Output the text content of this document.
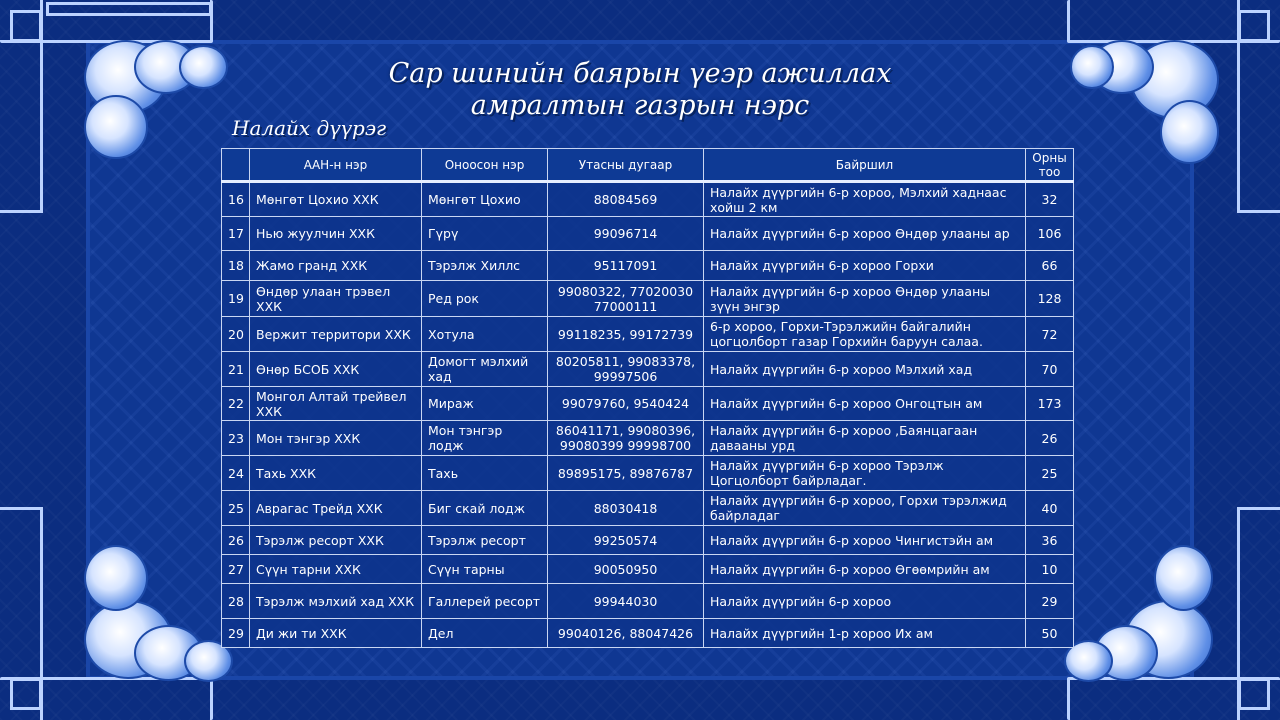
Сар шинийн баярын үеэр ажиллах
амралтын газрын нэрс
Налайх дүүрэг
	ААН-н нэр	Оноосон нэр	Утасны дугаар	Байршил	Орны тоо
16	Мөнгөт Цохио ХХК	Мөнгөт Цохио	88084569	Налайх дүүргийн 6-р хороо, Мэлхий хаднаас хойш 2 км	32
17	Нью жуулчин ХХК	Гүрү	99096714	Налайх дүүргийн 6-р хороо Өндөр улааны ар	106
18	Жамо гранд ХХК	Тэрэлж Хиллс	95117091	Налайх дүүргийн 6-р хороо Горхи	66
19	Өндөр улаан трэвел ХХК	Ред рок	99080322, 77020030 77000111	Налайх дүүргийн 6-р хороо Өндөр улааны зүүн энгэр	128
20	Вержит территори ХХК	Хотула	99118235, 99172739	6-р хороо, Горхи-Тэрэлжийн байгалийн цогцолборт газар Горхийн баруун салаа.	72
21	Өнөр БСОБ ХХК	Домогт мэлхий хад	80205811, 99083378, 99997506	Налайх дүүргийн 6-р хороо Мэлхий хад	70
22	Монгол Алтай трейвел ХХК	Мираж	99079760, 9540424	Налайх дүүргийн 6-р хороо Онгоцтын ам	173
23	Мон тэнгэр ХХК	Мон тэнгэр лодж	86041171, 99080396, 99080399 99998700	Налайх дүүргийн 6-р хороо ,Баянцагаан давааны урд	26
24	Тахь ХХК	Тахь	89895175, 89876787	Налайх дүүргийн 6-р хороо Тэрэлж Цогцолборт байрладаг.	25
25	Аврагас Трейд ХХК	Биг скай лодж	88030418	Налайх дүүргийн 6-р хороо, Горхи тэрэлжид байрладаг	40
26	Тэрэлж ресорт ХХК	Тэрэлж ресорт	99250574	Налайх дүүргийн 6-р хороо Чингистэйн ам	36
27	Сүүн тарни ХХК	Сүүн тарны	90050950	Налайх дүүргийн 6-р хороо Өгөөмрийн ам	10
28	Тэрэлж мэлхий хад ХХК	Галлерей ресорт	99944030	Налайх дүүргийн 6-р хороо	29
29	Ди жи ти ХХК	Дел	99040126, 88047426	Налайх дүүргийн 1-р хороо Их ам	50
